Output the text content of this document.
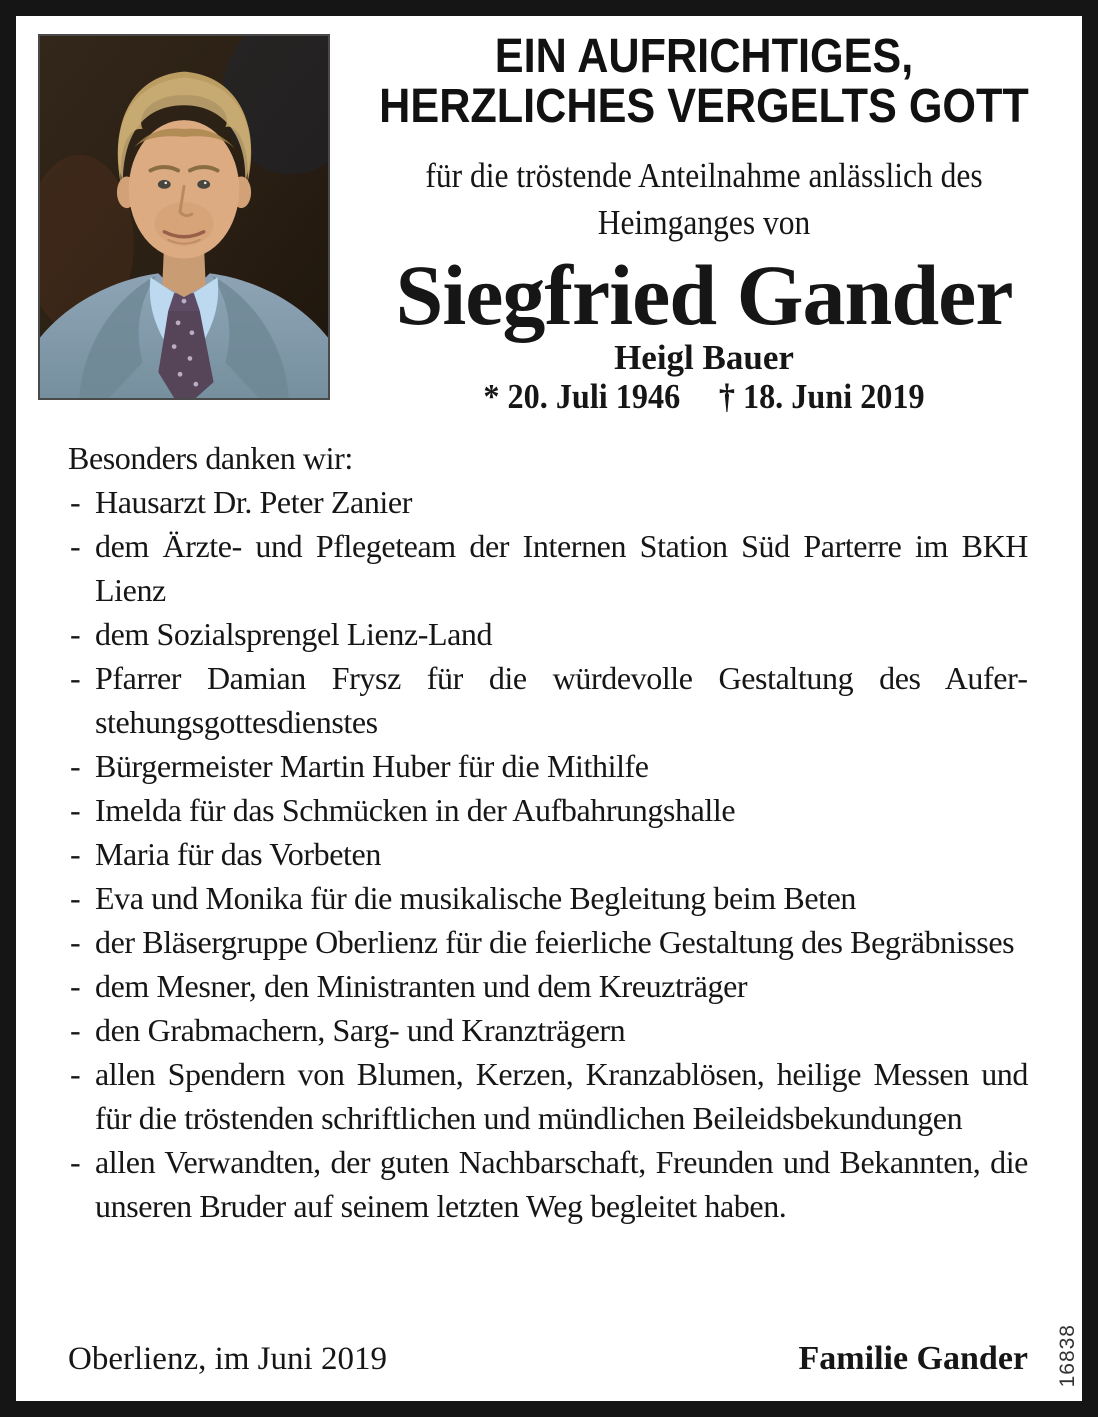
EIN AUFRICHTIGES,
HERZLICHES VERGELTS GOTT
für die tröstende Anteilnahme anlässlich des
Heimganges von
Siegfried Gander
Heigl Bauer
* 20. Juli 1946 † 18. Juni 2019
Besonders danken wir:
- Hausarzt Dr. Peter Zanier
- dem Ärzte- und Pflegeteam der Internen Station Süd Parterre im BKH Lienz
- dem Sozialsprengel Lienz-Land
- Pfarrer Damian Frysz für die würdevolle Gestaltung des Auferstehungsgottesdienstes
- Bürgermeister Martin Huber für die Mithilfe
- Imelda für das Schmücken in der Aufbahrungshalle
- Maria für das Vorbeten
- Eva und Monika für die musikalische Begleitung beim Beten
- der Bläsergruppe Oberlienz für die feierliche Gestaltung des Begräbnisses
- dem Mesner, den Ministranten und dem Kreuzträger
- den Grabmachern, Sarg- und Kranzträgern
- allen Spendern von Blumen, Kerzen, Kranzablösen, heilige Messen und für die tröstenden schriftlichen und mündlichen Beileidsbekundungen
- allen Verwandten, der guten Nachbarschaft, Freunden und Bekannten, die unseren Bruder auf seinem letzten Weg begleitet haben.
Oberlienz, im Juni 2019	Familie Gander 16838
